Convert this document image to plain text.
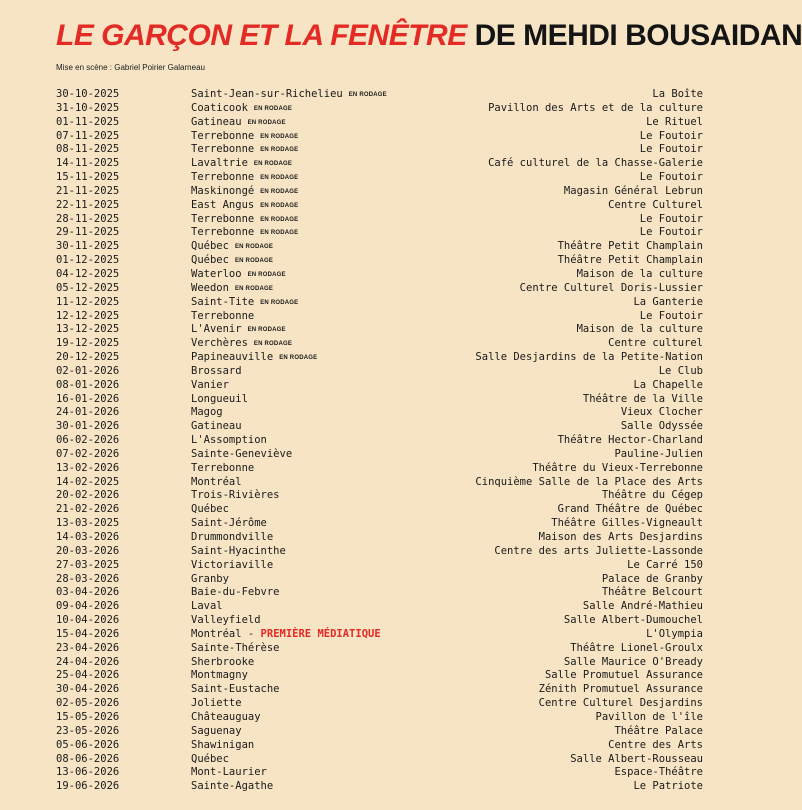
LE GARÇON ET LA FENÊTRE DE MEHDI BOUSAIDAN
Mise en scène : Gabriel Poirier Galarneau
30-10-2025	Saint-Jean-sur-Richelieu EN RODAGE	La Boîte
31-10-2025	Coaticook EN RODAGE	Pavillon des Arts et de la culture
01-11-2025	Gatineau EN RODAGE	Le Rituel
07-11-2025	Terrebonne EN RODAGE	Le Foutoir
08-11-2025	Terrebonne EN RODAGE	Le Foutoir
14-11-2025	Lavaltrie EN RODAGE	Café culturel de la Chasse-Galerie
15-11-2025	Terrebonne EN RODAGE	Le Foutoir
21-11-2025	Maskinongé EN RODAGE	Magasin Général Lebrun
22-11-2025	East Angus EN RODAGE	Centre Culturel
28-11-2025	Terrebonne EN RODAGE	Le Foutoir
29-11-2025	Terrebonne EN RODAGE	Le Foutoir
30-11-2025	Québec EN RODAGE	Théâtre Petit Champlain
01-12-2025	Québec EN RODAGE	Théâtre Petit Champlain
04-12-2025	Waterloo EN RODAGE	Maison de la culture
05-12-2025	Weedon EN RODAGE	Centre Culturel Doris-Lussier
11-12-2025	Saint-Tite EN RODAGE	La Ganterie
12-12-2025	Terrebonne	Le Foutoir
13-12-2025	L'Avenir EN RODAGE	Maison de la culture
19-12-2025	Verchères EN RODAGE	Centre culturel
20-12-2025	Papineauville EN RODAGE	Salle Desjardins de la Petite-Nation
02-01-2026	Brossard	Le Club
08-01-2026	Vanier	La Chapelle
16-01-2026	Longueuil	Théâtre de la Ville
24-01-2026	Magog	Vieux Clocher
30-01-2026	Gatineau	Salle Odyssée
06-02-2026	L'Assomption	Théâtre Hector-Charland
07-02-2026	Sainte-Geneviève	Pauline-Julien
13-02-2026	Terrebonne	Théâtre du Vieux-Terrebonne
14-02-2025	Montréal	Cinquième Salle de la Place des Arts
20-02-2026	Trois-Rivières	Théâtre du Cégep
21-02-2026	Québec	Grand Théâtre de Québec
13-03-2025	Saint-Jérôme	Théâtre Gilles-Vigneault
14-03-2026	Drummondville	Maison des Arts Desjardins
20-03-2026	Saint-Hyacinthe	Centre des arts Juliette-Lassonde
27-03-2025	Victoriaville	Le Carré 150
28-03-2026	Granby	Palace de Granby
03-04-2026	Baie-du-Febvre	Théâtre Belcourt
09-04-2026	Laval	Salle André-Mathieu
10-04-2026	Valleyfield	Salle Albert-Dumouchel
15-04-2026	Montréal - PREMIÈRE MÉDIATIQUE	L'Olympia
23-04-2026	Sainte-Thérèse	Théâtre Lionel-Groulx
24-04-2026	Sherbrooke	Salle Maurice O'Bready
25-04-2026	Montmagny	Salle Promutuel Assurance
30-04-2026	Saint-Eustache	Zénith Promutuel Assurance
02-05-2026	Joliette	Centre Culturel Desjardins
15-05-2026	Châteauguay	Pavillon de l'île
23-05-2026	Saguenay	Théâtre Palace
05-06-2026	Shawinigan	Centre des Arts
08-06-2026	Québec	Salle Albert-Rousseau
13-06-2026	Mont-Laurier	Espace-Théâtre
19-06-2026	Sainte-Agathe	Le Patriote
